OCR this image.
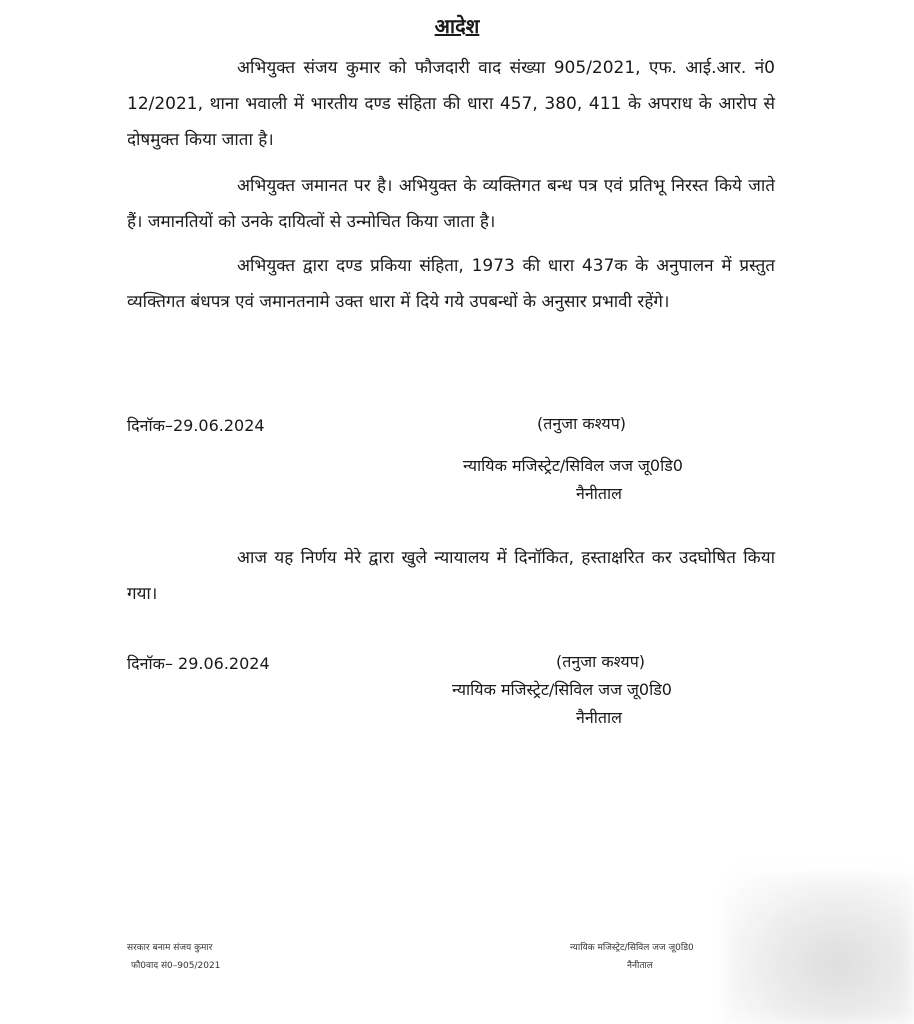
आदेश

अभियुक्त संजय कुमार को फौजदारी वाद संख्या 905/2021, एफ. आई.आर. नं0 12/2021, थाना भवाली में भारतीय दण्ड संहिता की धारा 457, 380, 411 के अपराध के आरोप से दोषमुक्त किया जाता है।

अभियुक्त जमानत पर है। अभियुक्त के व्यक्तिगत बन्ध पत्र एवं प्रतिभू निरस्त किये जाते हैं। जमानतियों को उनके दायित्वों से उन्मोचित किया जाता है।

अभियुक्त द्वारा दण्ड प्रकिया संहिता, 1973 की धारा 437क के अनुपालन में प्रस्तुत व्यक्तिगत बंधपत्र एवं जमानतनामे उक्त धारा में दिये गये उपबन्धों के अनुसार प्रभावी रहेंगे।

दिनॉक–29.06.2024	(तनुजा कश्यप)
न्यायिक मजिस्ट्रेट/सिविल जज जू0डि0
नैनीताल

आज यह निर्णय मेरे द्वारा खुले न्यायालय में दिनॉकित, हस्ताक्षरित कर उदघोषित किया गया।

दिनॉक– 29.06.2024	(तनुजा कश्यप)
न्यायिक मजिस्ट्रेट/सिविल जज जू0डि0
नैनीताल
सरकार बनाम संजय कुमार
फौ0वाद सं0–905/2021
न्यायिक मजिस्ट्रेट/सिविल जज जू0डि0
नैनीताल
